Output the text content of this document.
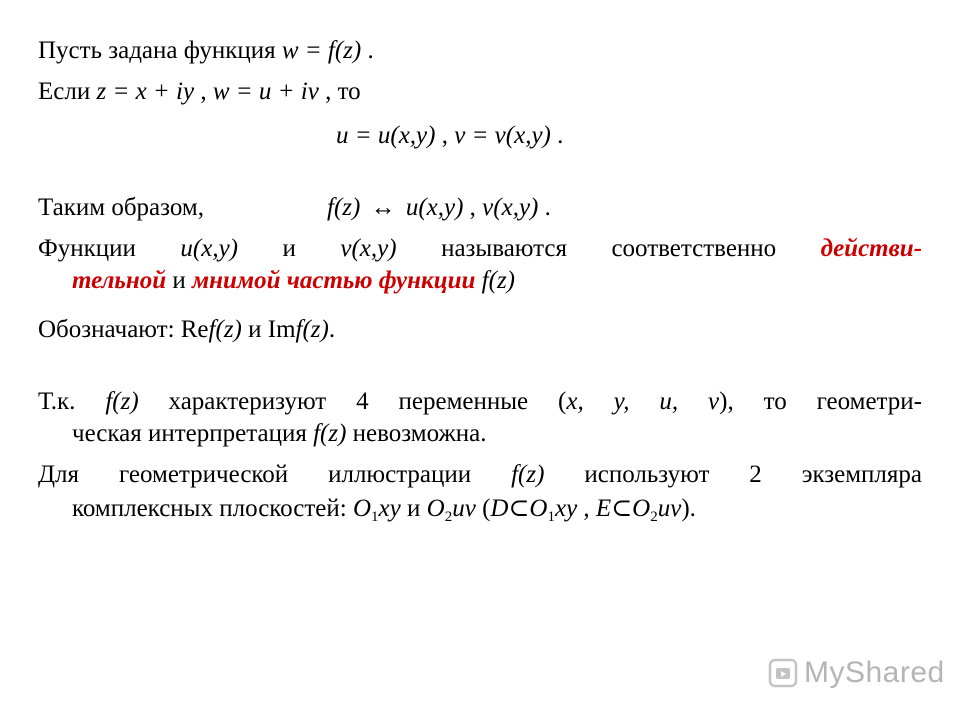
Пусть задана функция w = f(z) .
Если z = x + iy , w = u + iv , то
u = u(x,y) , v = v(x,y) .
Таким образом,	f(z) ↔ u(x,y) , v(x,y) .
Функции u(x,y) и v(x,y) называются соответственно действи-
тельной и мнимой частью функции f(z)
Обозначают: Ref(z) и Imf(z).
Т.к. f(z) характеризуют 4 переменные (x, y, u, v), то геометри-
ческая интерпретация f(z) невозможна.
Для геометрической иллюстрации f(z) используют 2 экземпляра
комплексных плоскостей: $O_1xy$ и $O_2uv$ ($D\subset O_1xy$ , $E\subset O_2uv$).
MyShared
